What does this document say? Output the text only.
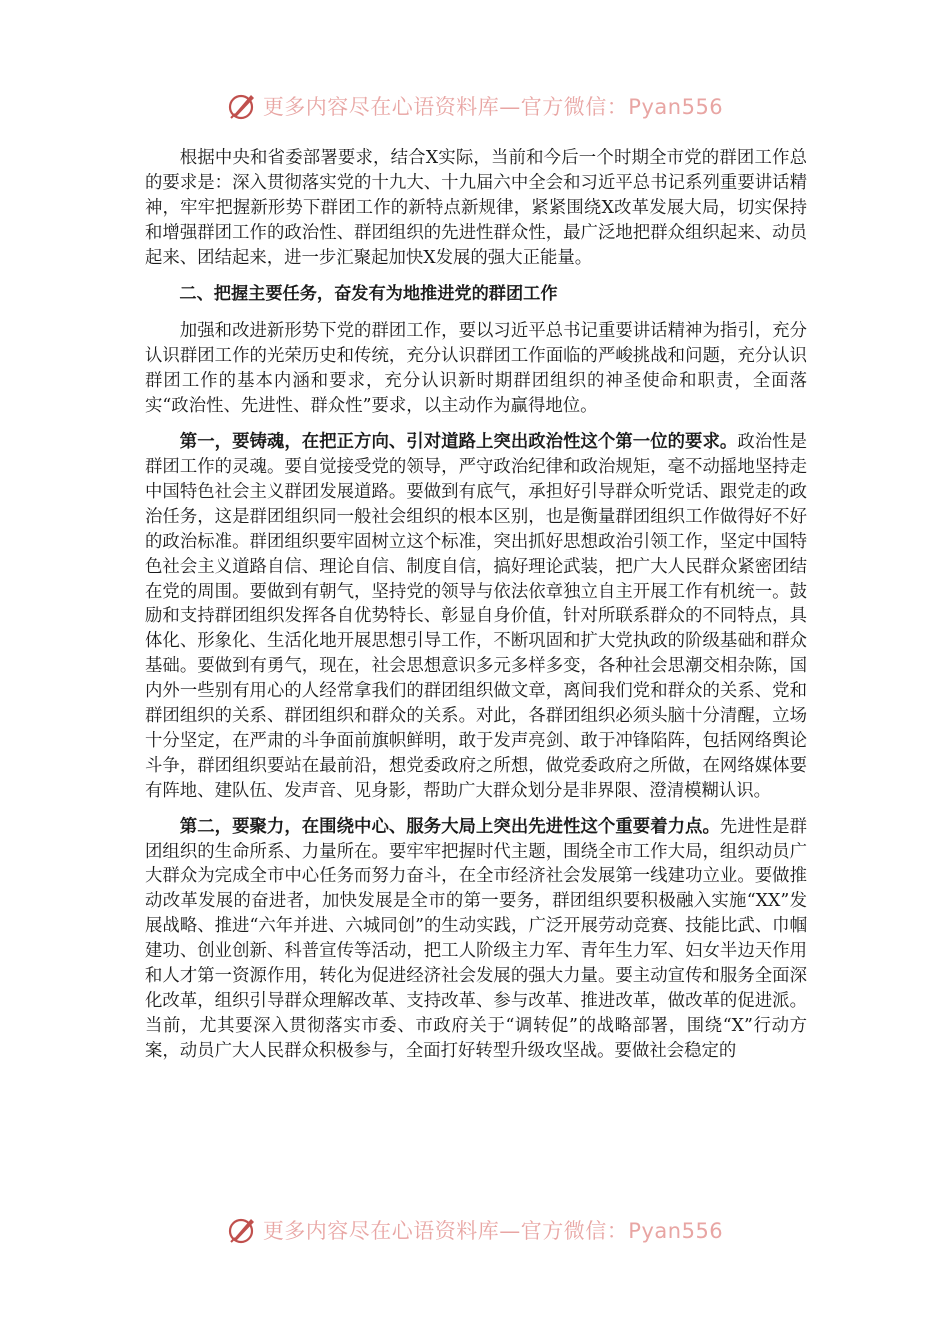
更多内容尽在心语资料库—官方微信：Pyan556

根据中央和省委部署要求，结合X实际，当前和今后一个时期全市党的群团工作总的要求是：深入贯彻落实党的十九大、十九届六中全会和习近平总书记系列重要讲话精神，牢牢把握新形势下群团工作的新特点新规律，紧紧围绕X改革发展大局，切实保持和增强群团工作的政治性、群团组织的先进性群众性，最广泛地把群众组织起来、动员起来、团结起来，进一步汇聚起加快X发展的强大正能量。

二、把握主要任务，奋发有为地推进党的群团工作

加强和改进新形势下党的群团工作，要以习近平总书记重要讲话精神为指引，充分认识群团工作的光荣历史和传统，充分认识群团工作面临的严峻挑战和问题，充分认识群团工作的基本内涵和要求，充分认识新时期群团组织的神圣使命和职责，全面落实“政治性、先进性、群众性”要求，以主动作为赢得地位。

第一，要铸魂，在把正方向、引对道路上突出政治性这个第一位的要求。政治性是群团工作的灵魂。要自觉接受党的领导，严守政治纪律和政治规矩，毫不动摇地坚持走中国特色社会主义群团发展道路。要做到有底气，承担好引导群众听党话、跟党走的政治任务，这是群团组织同一般社会组织的根本区别，也是衡量群团组织工作做得好不好的政治标准。群团组织要牢固树立这个标准，突出抓好思想政治引领工作，坚定中国特色社会主义道路自信、理论自信、制度自信，搞好理论武装，把广大人民群众紧密团结在党的周围。要做到有朝气，坚持党的领导与依法依章独立自主开展工作有机统一。鼓励和支持群团组织发挥各自优势特长、彰显自身价值，针对所联系群众的不同特点，具体化、形象化、生活化地开展思想引导工作，不断巩固和扩大党执政的阶级基础和群众基础。要做到有勇气，现在，社会思想意识多元多样多变，各种社会思潮交相杂陈，国内外一些别有用心的人经常拿我们的群团组织做文章，离间我们党和群众的关系、党和群团组织的关系、群团组织和群众的关系。对此，各群团组织必须头脑十分清醒，立场十分坚定，在严肃的斗争面前旗帜鲜明，敢于发声亮剑、敢于冲锋陷阵，包括网络舆论斗争，群团组织要站在最前沿，想党委政府之所想，做党委政府之所做，在网络媒体要有阵地、建队伍、发声音、见身影，帮助广大群众划分是非界限、澄清模糊认识。

第二，要聚力，在围绕中心、服务大局上突出先进性这个重要着力点。先进性是群团组织的生命所系、力量所在。要牢牢把握时代主题，围绕全市工作大局，组织动员广大群众为完成全市中心任务而努力奋斗，在全市经济社会发展第一线建功立业。要做推动改革发展的奋进者，加快发展是全市的第一要务，群团组织要积极融入实施“XX”发展战略、推进“六年并进、六城同创”的生动实践，广泛开展劳动竞赛、技能比武、巾帼建功、创业创新、科普宣传等活动，把工人阶级主力军、青年生力军、妇女半边天作用和人才第一资源作用，转化为促进经济社会发展的强大力量。要主动宣传和服务全面深化改革，组织引导群众理解改革、支持改革、参与改革、推进改革，做改革的促进派。当前，尤其要深入贯彻落实市委、市政府关于“调转促”的战略部署，围绕“X”行动方案，动员广大人民群众积极参与，全面打好转型升级攻坚战。要做社会稳定的

更多内容尽在心语资料库—官方微信：Pyan556
